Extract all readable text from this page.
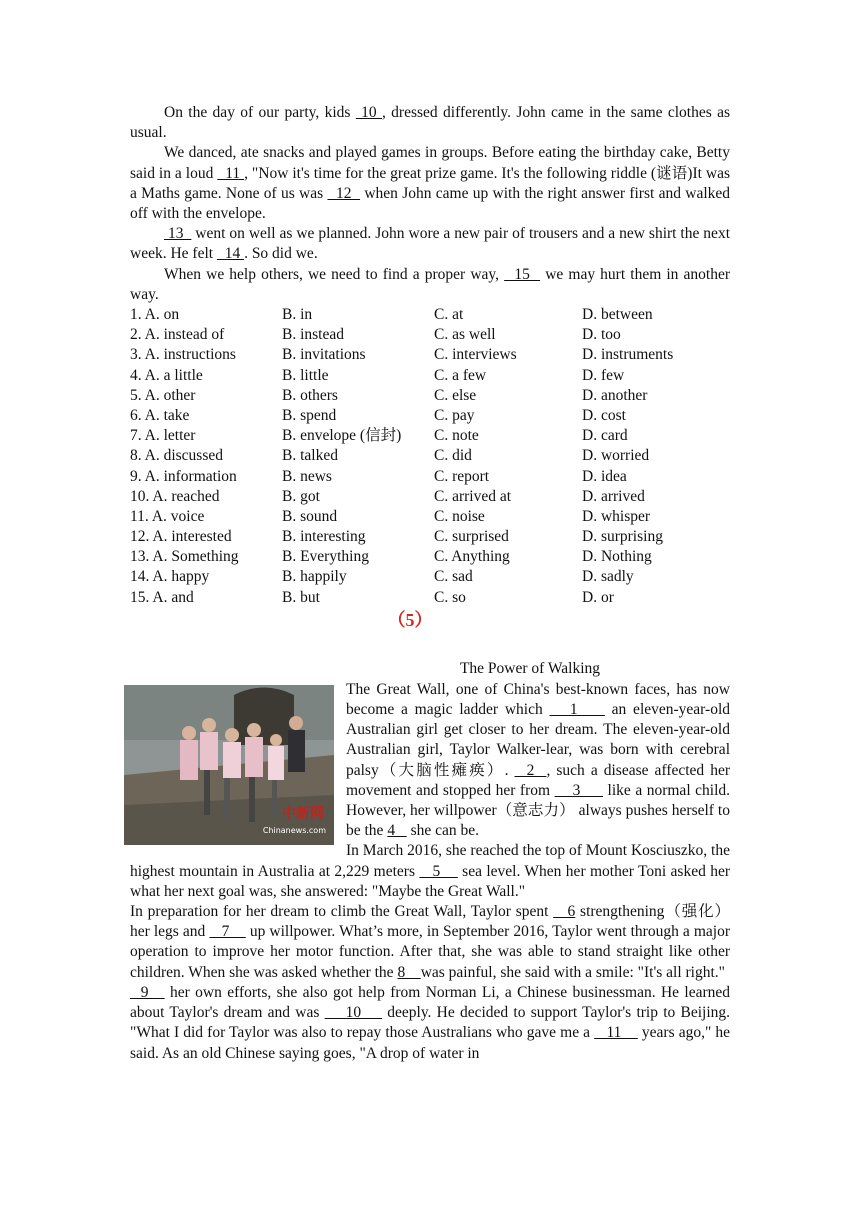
On the day of our party, kids  10 , dressed differently. John came in the same clothes as usual.

We danced, ate snacks and played games in groups. Before eating the birthday cake, Betty said in a loud   11 , "Now it's time for the great prize game. It's the following riddle (谜语)It was a Maths game. None of us was   12   when John came up with the right answer first and walked off with the envelope.

13   went on well as we planned. John wore a new pair of trousers and a new shirt the next week. He felt   14 . So did we.

When we help others, we need to find a proper way,   15   we may hurt them in another way.

1. A. on	B. in	C. at	D. between
2. A. instead of	B. instead	C. as well	D. too
3. A. instructions	B. invitations	C. interviews	D. instruments
4. A. a little	B. little	C. a few	D. few
5. A. other	B. others	C. else	D. another
6. A. take	B. spend	C. pay	D. cost
7. A. letter	B. envelope (信封)	C. note	D. card
8. A. discussed	B. talked	C. did	D. worried
9. A. information	B. news	C. report	D. idea
10. A. reached	B. got	C. arrived at	D. arrived
11. A. voice	B. sound	C. noise	D. whisper
12. A. interested	B. interesting	C. surprised	D. surprising
13. A. Something	B. Everything	C. Anything	D. Nothing
14. A. happy	B. happily	C. sad	D. sadly
15. A. and	B. but	C. so	D. or
（5）
The Power of Walking
中新网
Chinanews.com

The Great Wall, one of China's best-known faces, has now become a magic ladder which    1     an eleven-year-old Australian girl get closer to her dream. The eleven-year-old Australian girl, Taylor Walker-lear, was born with cerebral palsy（大脑性瘫痪）.   2  , such a disease affected her movement and stopped her from     3      like a normal child. However, her willpower（意志力） always pushes herself to be the 4    she can be.

In March 2016, she reached the top of Mount Kosciuszko, the highest mountain in Australia at 2,229 meters    5     sea level. When her mother Toni asked her what her next goal was, she answered: "Maybe the Great Wall."

In preparation for her dream to climb the Great Wall, Taylor spent    6 strengthening（强化） her legs and    7     up willpower. What’s more, in September 2016, Taylor went through a major operation to improve her motor function. After that, she was able to stand straight like other children. When she was asked whether the 8    was painful, she said with a smile: "It's all right."

9    her own efforts, she also got help from Norman Li, a Chinese businessman. He learned about Taylor's dream and was     10     deeply. He decided to support Taylor's trip to Beijing. "What I did for Taylor was also to repay those Australians who gave me a    11     years ago," he said. As an old Chinese saying goes, "A drop of water in
